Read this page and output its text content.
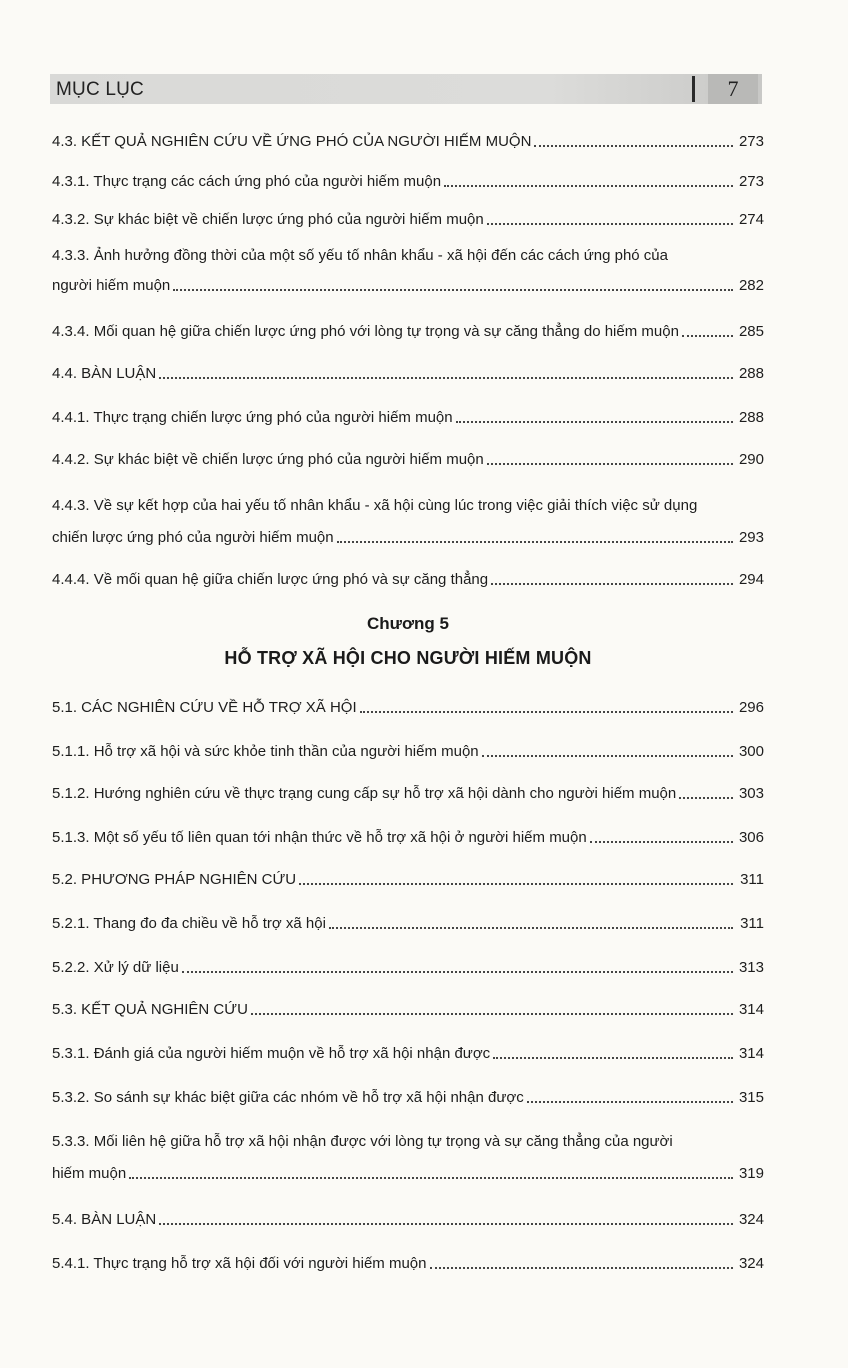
MỤC LỤC	7
4.3. KẾT QUẢ NGHIÊN CỨU VỀ ỨNG PHÓ CỦA NGƯỜI HIẾM MUỘN	273
4.3.1. Thực trạng các cách ứng phó của người hiếm muộn	273
4.3.2. Sự khác biệt về chiến lược ứng phó của người hiếm muộn	274
4.3.3. Ảnh hưởng đồng thời của một số yếu tố nhân khẩu - xã hội đến các cách ứng phó của
người hiếm muộn	282
4.3.4. Mối quan hệ giữa chiến lược ứng phó với lòng tự trọng và sự căng thẳng do hiếm muộn	285
4.4. BÀN LUẬN	288
4.4.1. Thực trạng chiến lược ứng phó của người hiếm muộn	288
4.4.2. Sự khác biệt về chiến lược ứng phó của người hiếm muộn	290
4.4.3. Về sự kết hợp của hai yếu tố nhân khẩu - xã hội cùng lúc trong việc giải thích việc sử dụng
chiến lược ứng phó của người hiếm muộn	293
4.4.4. Về mối quan hệ giữa chiến lược ứng phó và sự căng thẳng	294
Chương 5
HỖ TRỢ XÃ HỘI CHO NGƯỜI HIẾM MUỘN
5.1. CÁC NGHIÊN CỨU VỀ HỖ TRỢ XÃ HỘI	296
5.1.1. Hỗ trợ xã hội và sức khỏe tinh thần của người hiếm muộn	300
5.1.2. Hướng nghiên cứu về thực trạng cung cấp sự hỗ trợ xã hội dành cho người hiếm muộn	303
5.1.3. Một số yếu tố liên quan tới nhận thức về hỗ trợ xã hội ở người hiếm muộn	306
5.2. PHƯƠNG PHÁP NGHIÊN CỨU	311
5.2.1. Thang đo đa chiều về hỗ trợ xã hội	311
5.2.2. Xử lý dữ liệu	313
5.3. KẾT QUẢ NGHIÊN CỨU	314
5.3.1. Đánh giá của người hiếm muộn về hỗ trợ xã hội nhận được	314
5.3.2. So sánh sự khác biệt giữa các nhóm về hỗ trợ xã hội nhận được	315
5.3.3. Mối liên hệ giữa hỗ trợ xã hội nhận được với lòng tự trọng và sự căng thẳng của người
hiếm muộn	319
5.4. BÀN LUẬN	324
5.4.1. Thực trạng hỗ trợ xã hội đối với người hiếm muộn	324
